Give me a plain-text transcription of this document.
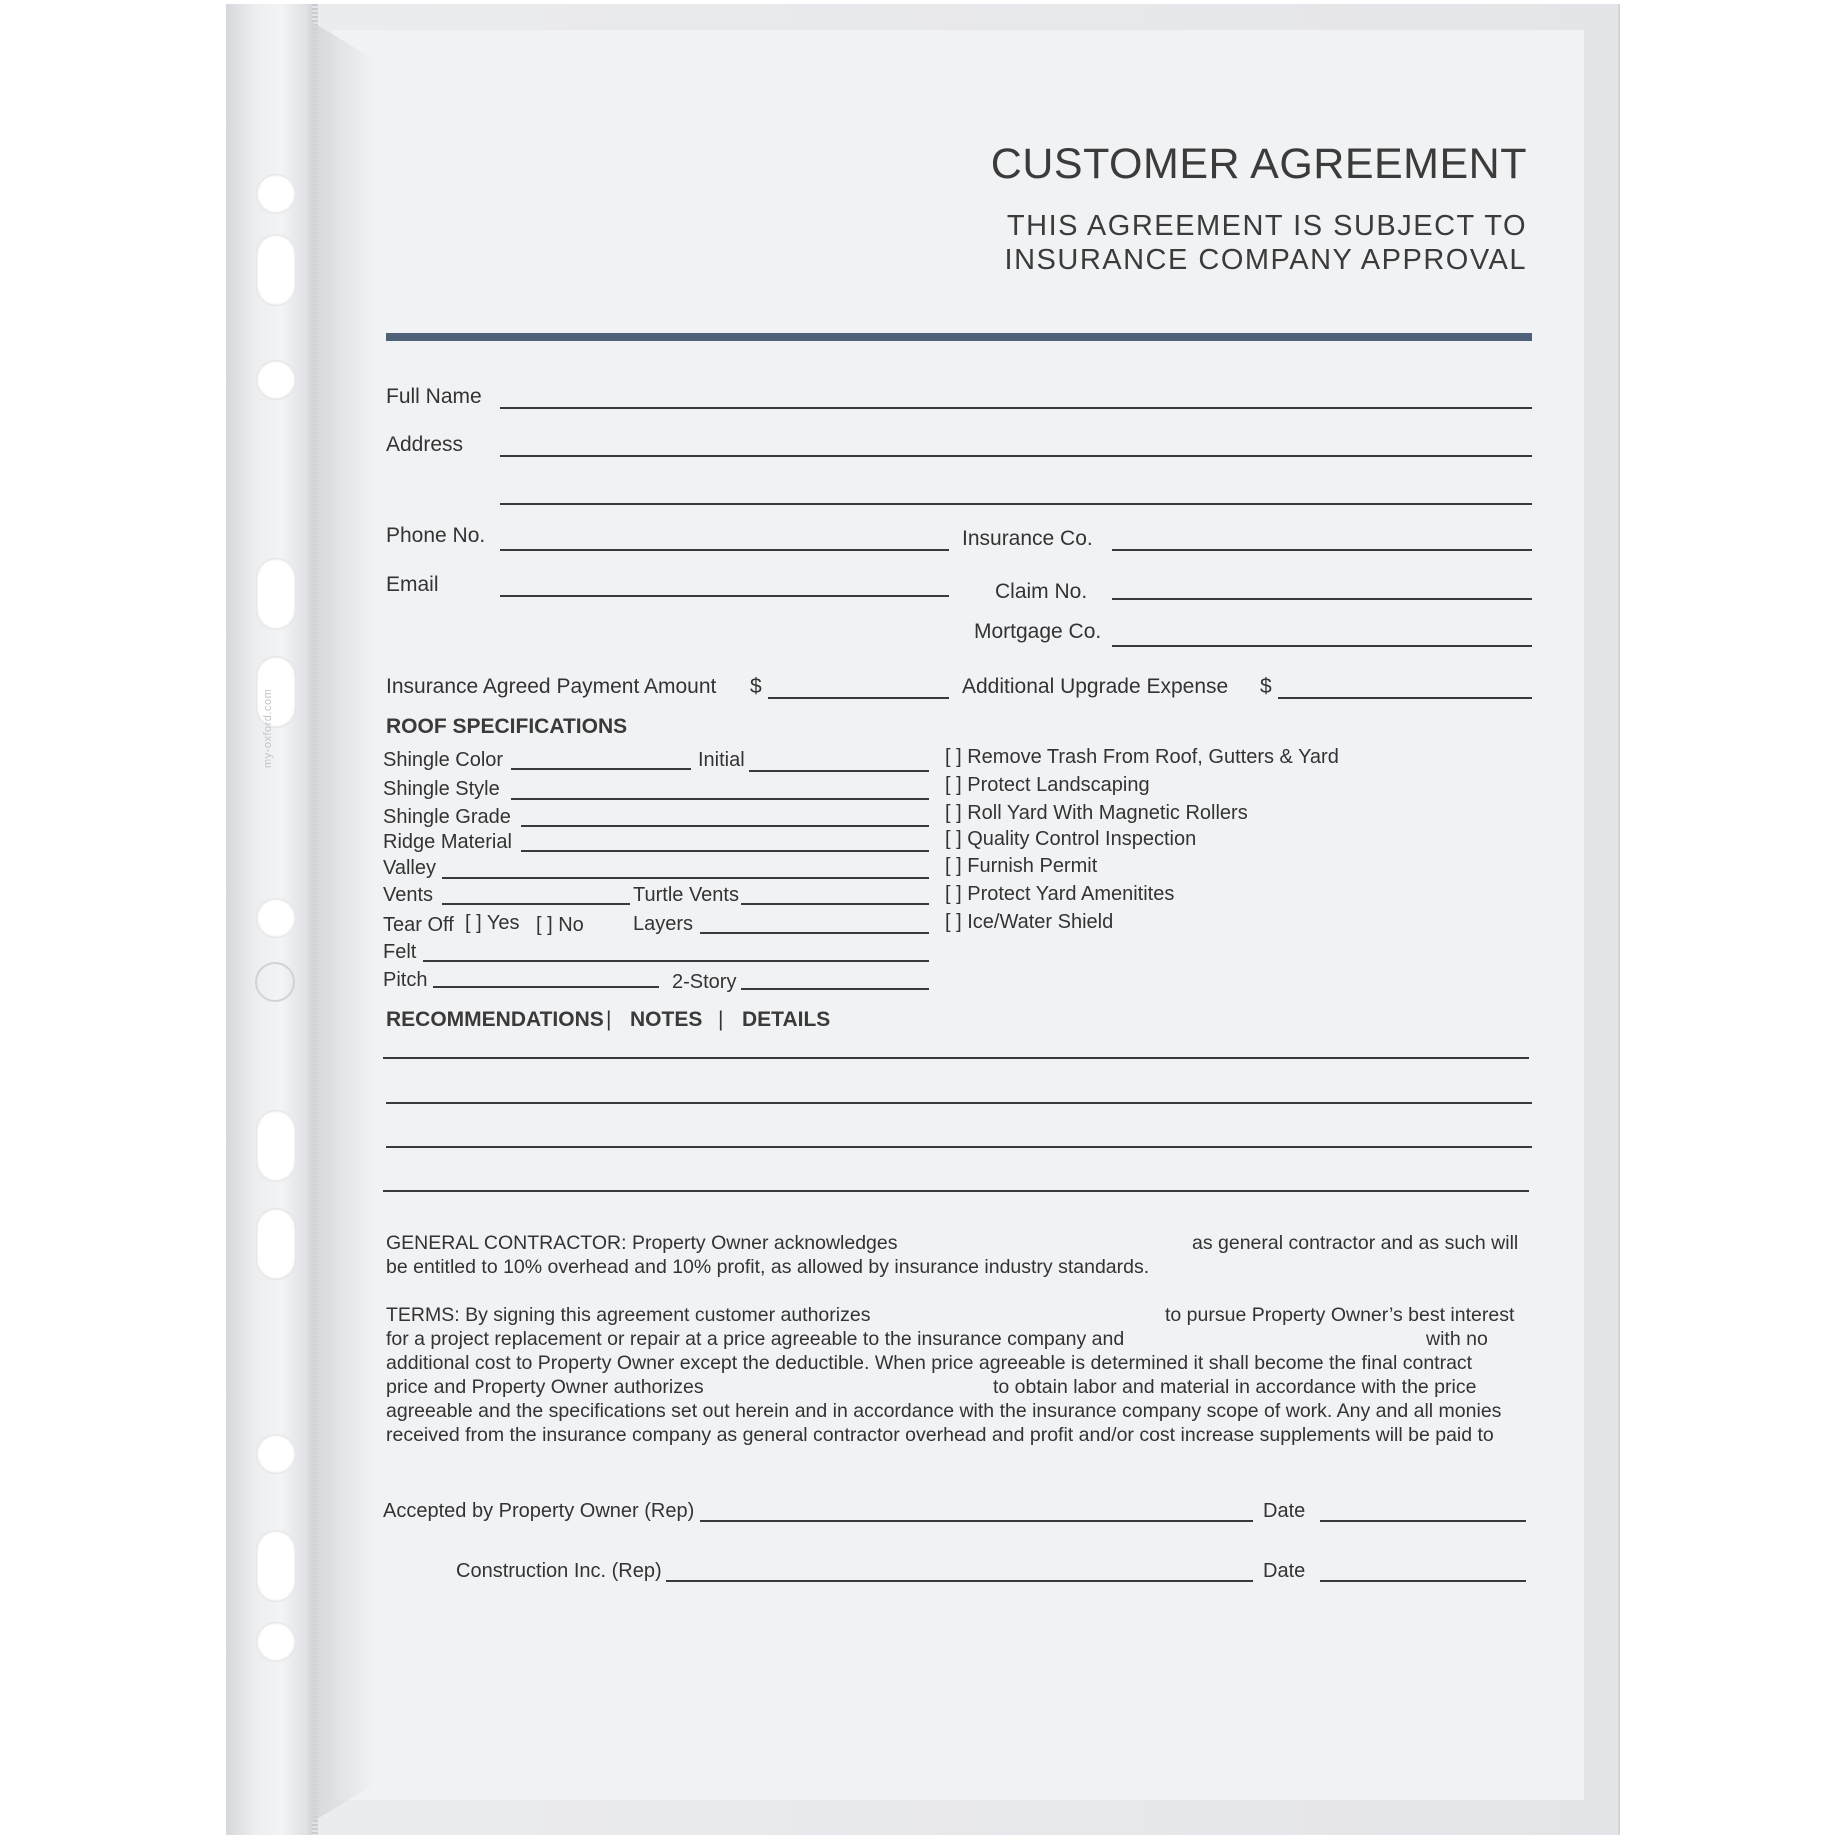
my-oxford.com
CUSTOMER AGREEMENT
THIS AGREEMENT IS SUBJECT TO
INSURANCE COMPANY APPROVAL
Full Name
Address
Phone No.	Insurance Co.
Email	Claim No.
Mortgage Co.
Insurance Agreed Payment Amount $	Additional Upgrade Expense $
ROOF SPECIFICATIONS
Shingle Color	Initial
Shingle Style
Shingle Grade
Ridge Material
Valley
Vents	Turtle Vents
Tear Off [ ] Yes [ ] No Layers
Felt
Pitch	2-Story
[ ] Remove Trash From Roof, Gutters & Yard
[ ] Protect Landscaping
[ ] Roll Yard With Magnetic Rollers
[ ] Quality Control Inspection
[ ] Furnish Permit
[ ] Protect Yard Amenitites
[ ] Ice/Water Shield
RECOMMENDATIONS | NOTES | DETAILS
GENERAL CONTRACTOR: Property Owner acknowledges	as general contractor and as such will
be entitled to 10% overhead and 10% profit, as allowed by insurance industry standards.
TERMS: By signing this agreement customer authorizes	to pursue Property Owner’s best interest
for a project replacement or repair at a price agreeable to the insurance company and	with no
additional cost to Property Owner except the deductible. When price agreeable is determined it shall become the final contract
price and Property Owner authorizes	to obtain labor and material in accordance with the price
agreeable and the specifications set out herein and in accordance with the insurance company scope of work. Any and all monies
received from the insurance company as general contractor overhead and profit and/or cost increase supplements will be paid to
Accepted by Property Owner (Rep)	Date
Construction Inc. (Rep)	Date
